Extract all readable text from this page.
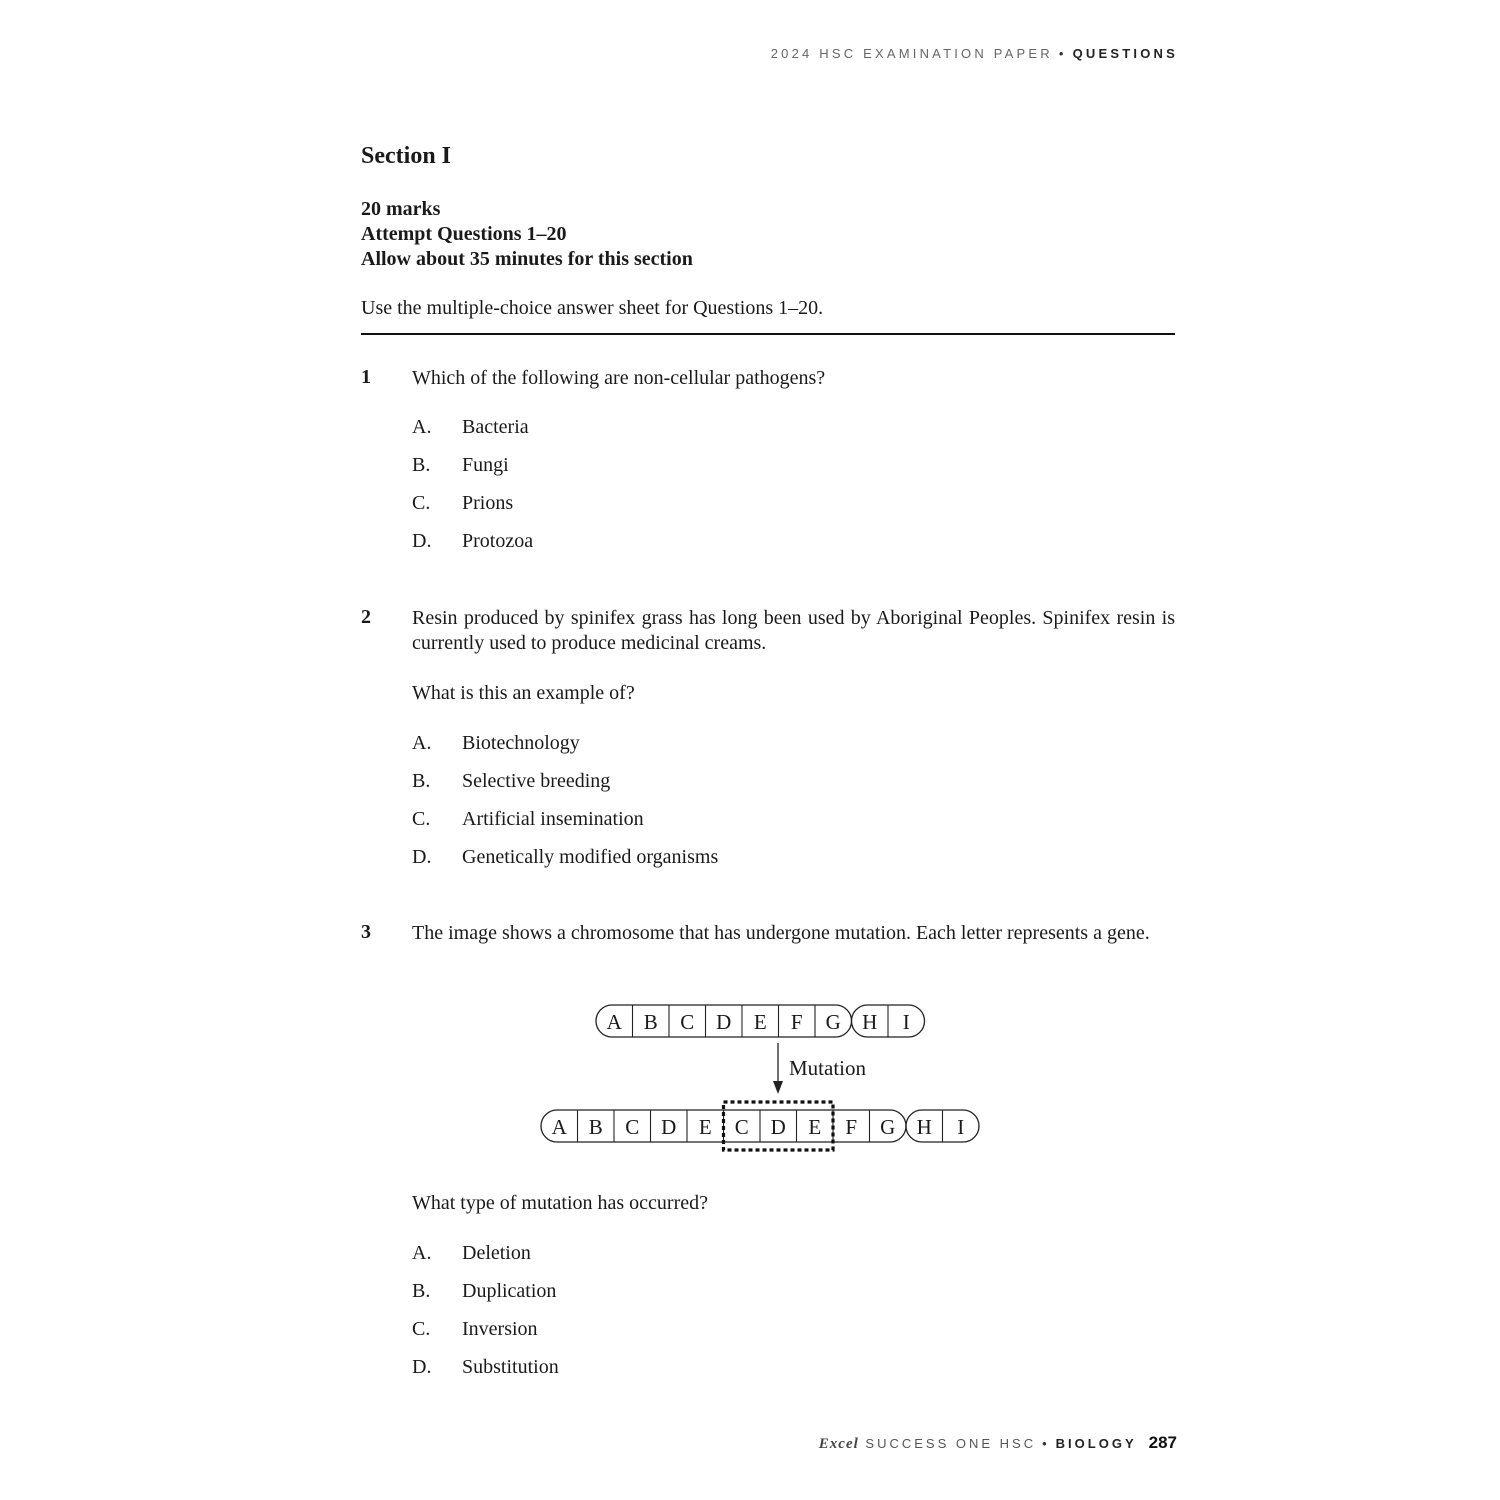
2024 HSC EXAMINATION PAPER • QUESTIONS
Section I
20 marks
Attempt Questions 1–20
Allow about 35 minutes for this section
Use the multiple-choice answer sheet for Questions 1–20.
1 Which of the following are non-cellular pathogens?
A. Bacteria
B. Fungi
C. Prions
D. Protozoa
2 Resin produced by spinifex grass has long been used by Aboriginal Peoples. Spinifex resin is currently used to produce medicinal creams.
What is this an example of?
A. Biotechnology
B. Selective breeding
C. Artificial insemination
D. Genetically modified organisms
3 The image shows a chromosome that has undergone mutation. Each letter represents a gene.
A B C D E F G H I
Mutation
A B C D E C D E F G H I
What type of mutation has occurred?
A. Deletion
B. Duplication
C. Inversion
D. Substitution
Excel SUCCESS ONE HSC • BIOLOGY 287
